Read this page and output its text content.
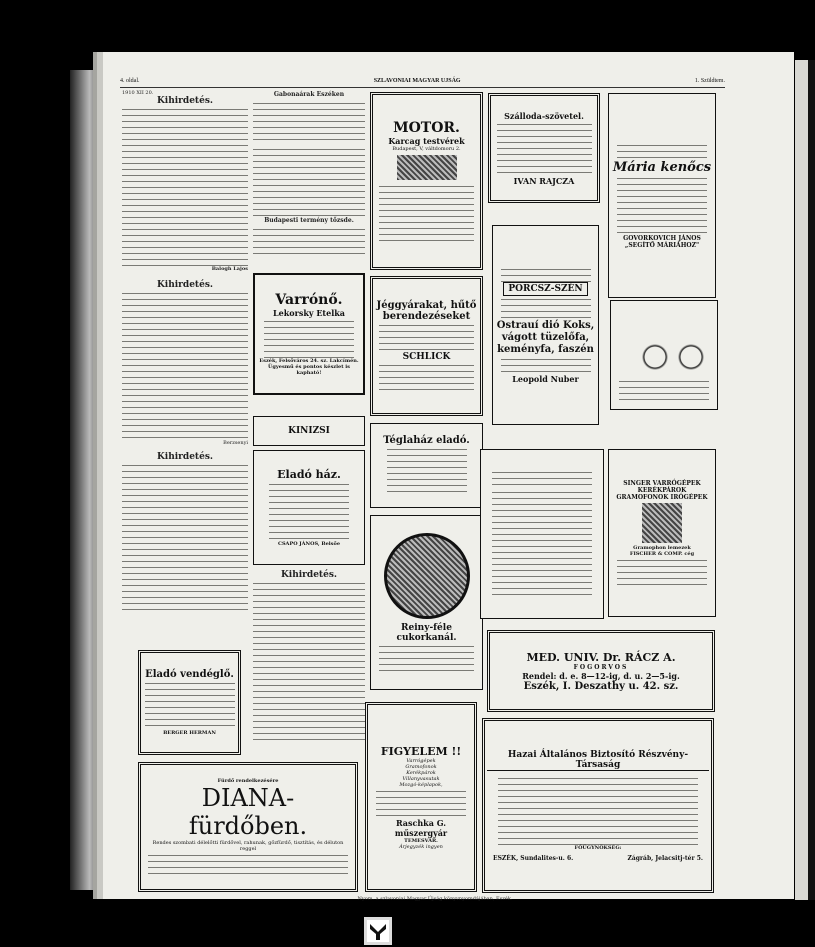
4. oldal.	SZLAVONIAI MAGYAR UJSÁG	1. Szüldtem.
1910 XII 20.
Kihirdetés.
Balogh Lajos
Kihirdetés.
Berzsenyi
Kihirdetés.
Gabonaárak Eszéken
Budapesti termény tőzsde.
Varrónő.
Lekorsky Etelka
Eszék, Felsőváros 24. sz. Lakcímén. Ügyesmű és pontos készlet is kapható!
KINIZSI
Eladó ház.
CSAPO JÁNOS, Belsőe
Kihirdetés.
MOTOR.
Karcag testvérek
Budapest, V, váltdomoru 2.
Jéggyárakat, hűtő berendezéseket
SCHLICK
Téglaház eladó.
Reiny-féle cukorkanál.
FIGYELEM !!
Varrógépek
Gramofonok
Kerékpárok
Villanyvasutak
Mozgó-képlapok,
Raschka G. műszergyár
TEMESVÁR.
Árjegyzék ingyen
Szálloda-szövetel.
IVAN RAJCZA
PORCSZ-SZÉN
Ostrauí dió Koks, vágott tüzelőfa, keményfa, faszén
Leopold Nuber
Mária kenőcs
GOVORKOVICH JÁNOS
„SEGÍTŐ MÁRIÁHOZ"
SINGER VARRÓGÉPEK KERÉKPÁROK GRAMOFONOK IRÓGÉPEK
Gramophon lemezek
FISCHER & COMP. cég
MED. UNIV. Dr. RÁCZ A.
FOGORVOS
Rendel: d. e. 8—12-ig, d. u. 2—5-ig.
Eszék, I. Deszathy u. 42. sz.
Hazai Általános Biztosító Részvény-Társaság
FŐÜGYNÖKSÉG:
ESZÉK, Sundalites-u. 6.	Zágráb, Jelacsitj-tér 5.
Eladó vendéglő.
BERGER HERMAN
Fürdő rendelkezésére
DIANA-fürdőben.
Rendes szombati délelőtti fürdővel, rahunak, gőzfürdő, tisztítás, és déluton reggel
Nyom. a szlavoniai Magyar Újság könyvnyomdájában, Eszék.
